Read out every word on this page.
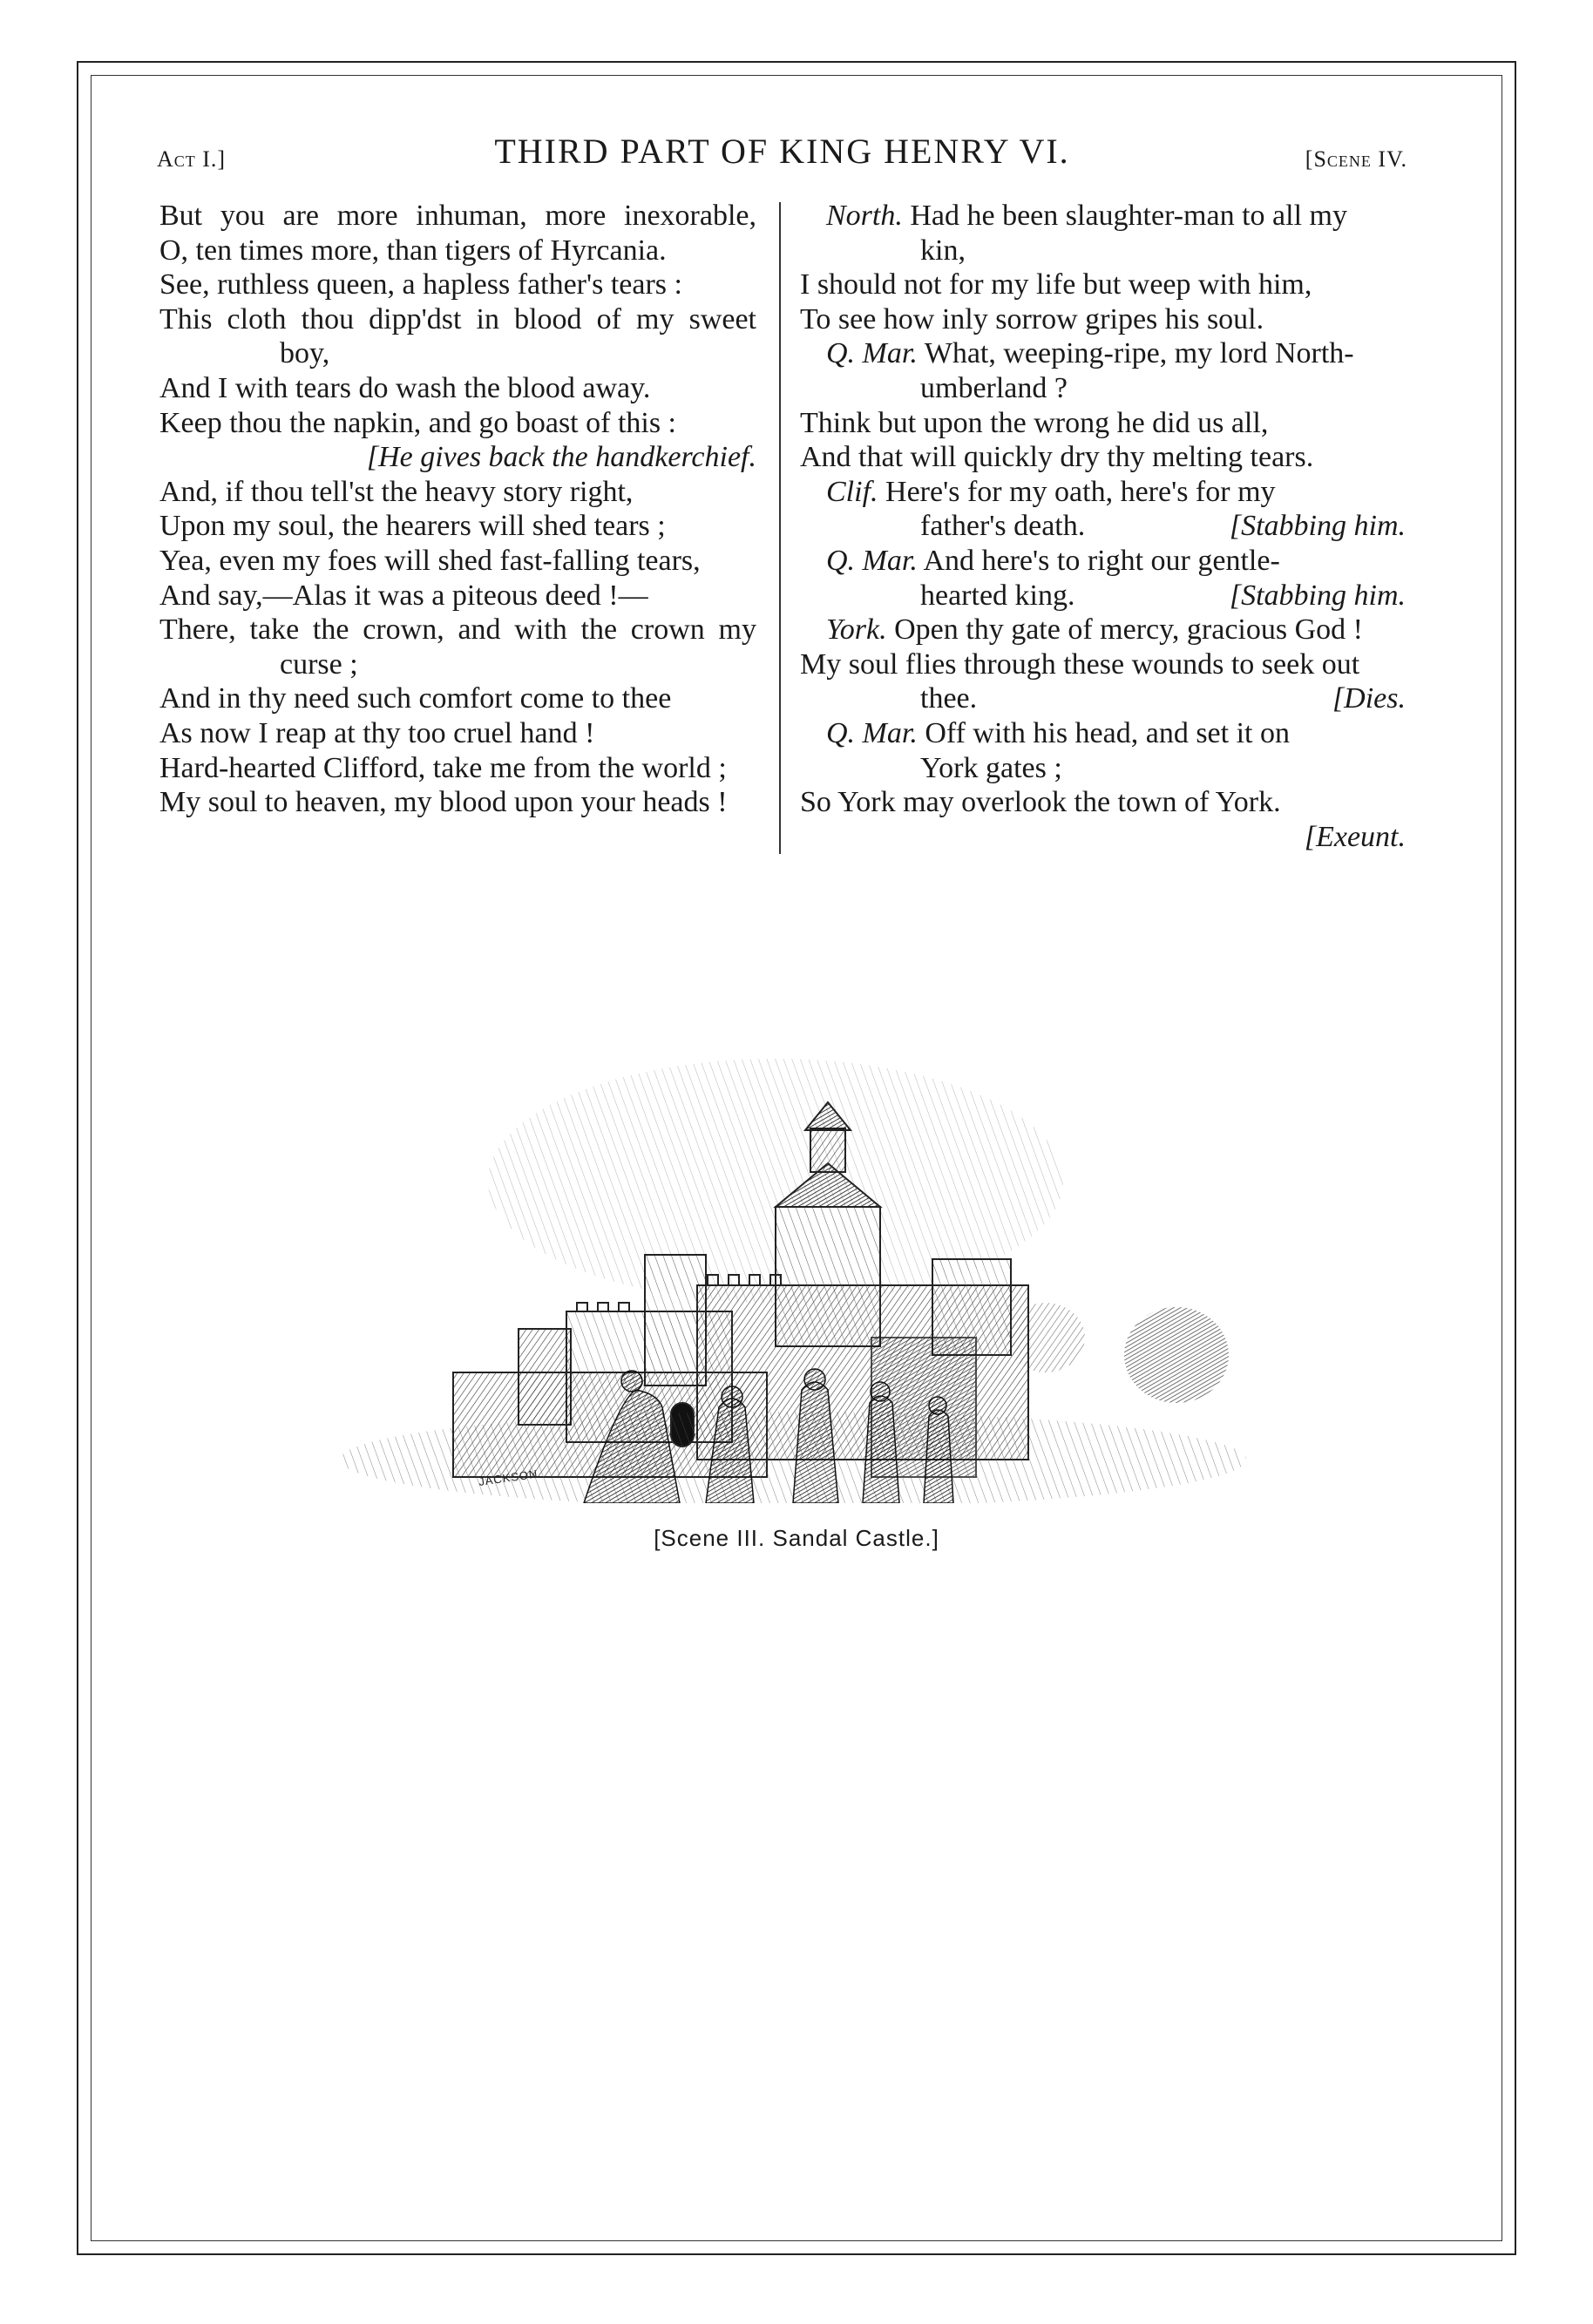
Act I.]	THIRD PART OF KING HENRY VI.	[Scene IV.
But you are more inhuman, more inexorable,
O, ten times more, than tigers of Hyrcania.
See, ruthless queen, a hapless father's tears :
This cloth thou dipp'dst in blood of my sweet
boy,
And I with tears do wash the blood away.
Keep thou the napkin, and go boast of this :
[He gives back the handkerchief.
And, if thou tell'st the heavy story right,
Upon my soul, the hearers will shed tears ;
Yea, even my foes will shed fast-falling tears,
And say,—Alas it was a piteous deed !—
There, take the crown, and with the crown my
curse ;
And in thy need such comfort come to thee
As now I reap at thy too cruel hand !
Hard-hearted Clifford, take me from the world ;
My soul to heaven, my blood upon your heads !
North. Had he been slaughter-man to all my
kin,
I should not for my life but weep with him,
To see how inly sorrow gripes his soul.
Q. Mar. What, weeping-ripe, my lord North-
umberland ?
Think but upon the wrong he did us all,
And that will quickly dry thy melting tears.
Clif. Here's for my oath, here's for my
father's death.	[Stabbing him.
Q. Mar. And here's to right our gentle-
hearted king.	[Stabbing him.
York. Open thy gate of mercy, gracious God !
My soul flies through these wounds to seek out
thee.	[Dies.
Q. Mar. Off with his head, and set it on
York gates ;
So York may overlook the town of York.
[Exeunt.
JACKSON
[Scene III. Sandal Castle.]
